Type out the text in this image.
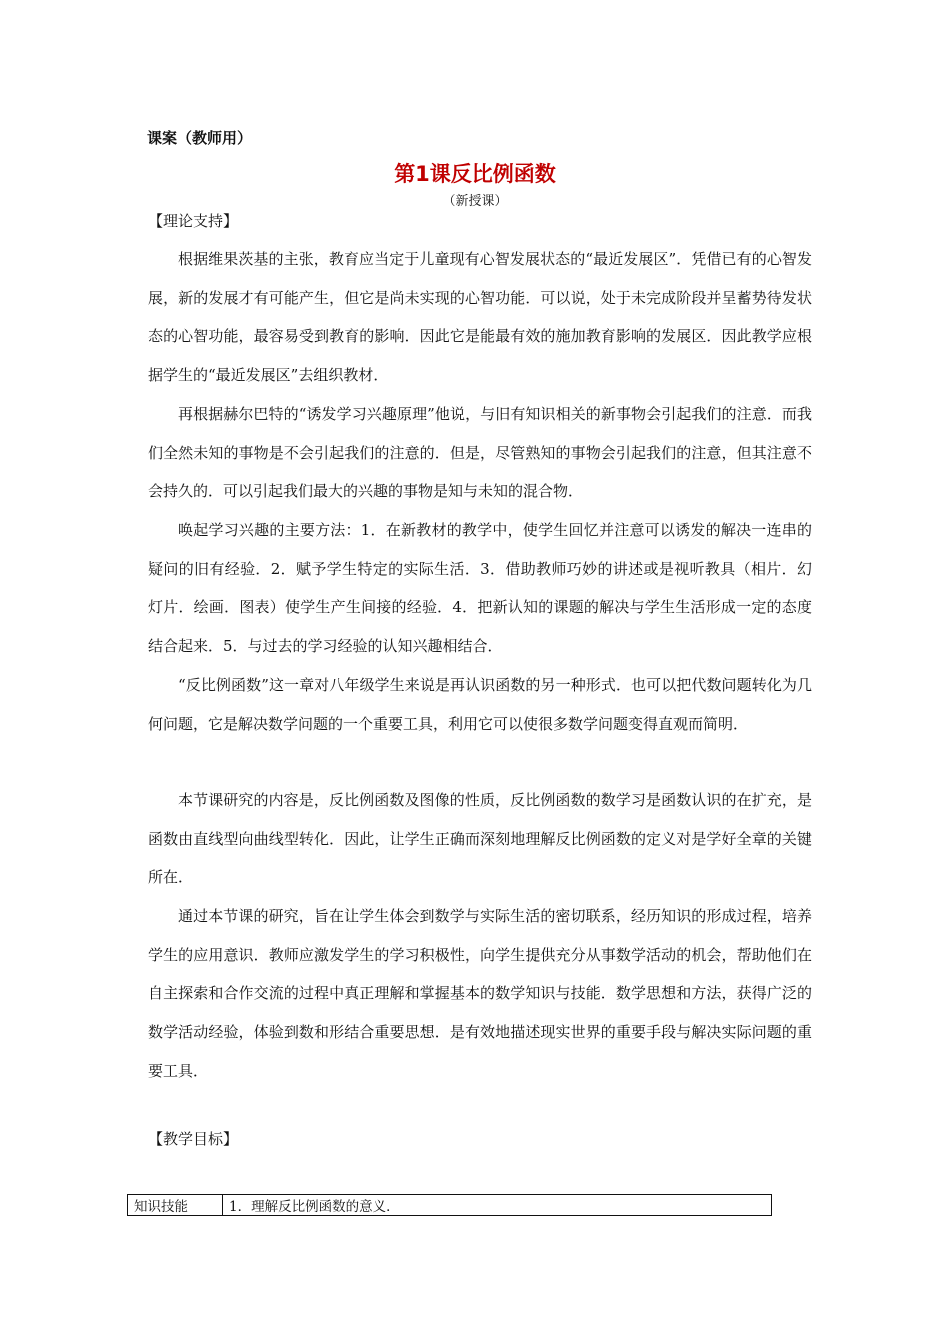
课案（教师用）
第1课反比例函数
（新授课）
【理论支持】

根据维果茨基的主张，教育应当定于儿童现有心智发展状态的“最近发展区”．凭借已有的心智发展，新的发展才有可能产生，但它是尚未实现的心智功能．可以说，处于未完成阶段并呈蓄势待发状态的心智功能，最容易受到教育的影响．因此它是能最有效的施加教育影响的发展区．因此教学应根据学生的“最近发展区”去组织教材．

再根据赫尔巴特的“诱发学习兴趣原理”他说，与旧有知识相关的新事物会引起我们的注意．而我们全然未知的事物是不会引起我们的注意的．但是，尽管熟知的事物会引起我们的注意，但其注意不会持久的．可以引起我们最大的兴趣的事物是知与未知的混合物．

唤起学习兴趣的主要方法：1．在新教材的教学中，使学生回忆并注意可以诱发的解决一连串的疑问的旧有经验．2．赋予学生特定的实际生活．3．借助教师巧妙的讲述或是视听教具（相片．幻灯片．绘画．图表）使学生产生间接的经验．4．把新认知的课题的解决与学生生活形成一定的态度结合起来．5．与过去的学习经验的认知兴趣相结合．

“反比例函数”这一章对八年级学生来说是再认识函数的另一种形式．也可以把代数问题转化为几何问题，它是解决数学问题的一个重要工具，利用它可以使很多数学问题变得直观而简明．

本节课研究的内容是，反比例函数及图像的性质，反比例函数的数学习是函数认识的在扩充，是函数由直线型向曲线型转化．因此，让学生正确而深刻地理解反比例函数的定义对是学好全章的关键所在．

通过本节课的研究，旨在让学生体会到数学与实际生活的密切联系，经历知识的形成过程，培养学生的应用意识．教师应激发学生的学习积极性，向学生提供充分从事数学活动的机会，帮助他们在自主探索和合作交流的过程中真正理解和掌握基本的数学知识与技能．数学思想和方法，获得广泛的数学活动经验，体验到数和形结合重要思想．是有效地描述现实世界的重要手段与解决实际问题的重要工具．

【教学目标】
知识技能	1．理解反比例函数的意义．
